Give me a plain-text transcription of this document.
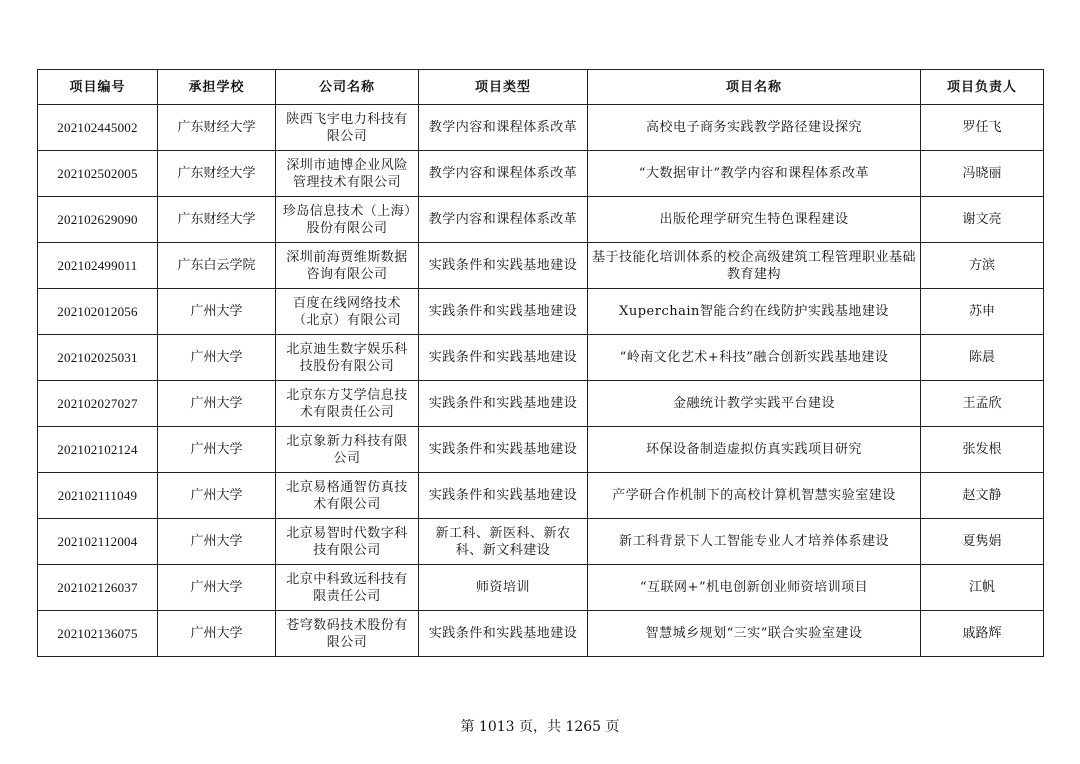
项目编号	承担学校	公司名称	项目类型	项目名称	项目负责人
202102445002	广东财经大学	陕西飞宇电力科技有限公司	教学内容和课程体系改革	高校电子商务实践教学路径建设探究	罗任飞
202102502005	广东财经大学	深圳市迪博企业风险管理技术有限公司	教学内容和课程体系改革	“大数据审计”教学内容和课程体系改革	冯晓丽
202102629090	广东财经大学	珍岛信息技术（上海）股份有限公司	教学内容和课程体系改革	出版伦理学研究生特色课程建设	谢文亮
202102499011	广东白云学院	深圳前海贾维斯数据咨询有限公司	实践条件和实践基地建设	基于技能化培训体系的校企高级建筑工程管理职业基础教育建构	方滨
202102012056	广州大学	百度在线网络技术（北京）有限公司	实践条件和实践基地建设	Xuperchain智能合约在线防护实践基地建设	苏申
202102025031	广州大学	北京迪生数字娱乐科技股份有限公司	实践条件和实践基地建设	“岭南文化艺术+科技”融合创新实践基地建设	陈晨
202102027027	广州大学	北京东方艾学信息技术有限责任公司	实践条件和实践基地建设	金融统计教学实践平台建设	王孟欣
202102102124	广州大学	北京象新力科技有限公司	实践条件和实践基地建设	环保设备制造虚拟仿真实践项目研究	张发根
202102111049	广州大学	北京易格通智仿真技术有限公司	实践条件和实践基地建设	产学研合作机制下的高校计算机智慧实验室建设	赵文静
202102112004	广州大学	北京易智时代数字科技有限公司	新工科、新医科、新农科、新文科建设	新工科背景下人工智能专业人才培养体系建设	夏隽娟
202102126037	广州大学	北京中科致远科技有限责任公司	师资培训	“互联网+”机电创新创业师资培训项目	江帆
202102136075	广州大学	苍穹数码技术股份有限公司	实践条件和实践基地建设	智慧城乡规划“三实”联合实验室建设	戚路辉
第 1013 页，共 1265 页
